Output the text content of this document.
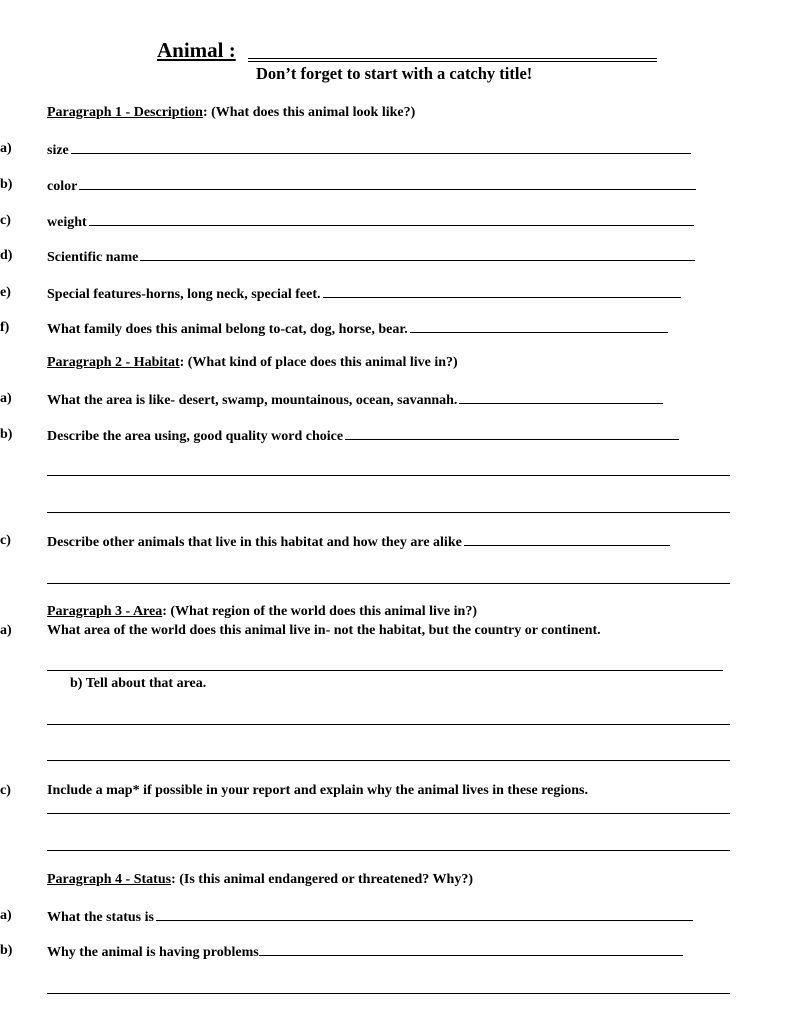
Animal :
Don’t forget to start with a catchy title!
Paragraph 1 - Description: (What does this animal look like?)
a)	size
b) color
c)	weight
d) Scientific name
e)	Special features-horns, long neck, special feet.
f)	What family does this animal belong to-cat, dog, horse, bear.
Paragraph 2 - Habitat: (What kind of place does this animal live in?)
a)	What the area is like- desert, swamp, mountainous, ocean, savannah.
b) Describe the area using, good quality word choice
c)	Describe other animals that live in this habitat and how they are alike
Paragraph 3 - Area: (What region of the world does this animal live in?)
a)	What area of the world does this animal live in- not the habitat, but the country or continent.
b) Tell about that area.
c)	Include a map* if possible in your report and explain why the animal lives in these regions.
Paragraph 4 - Status: (Is this animal endangered or threatened? Why?)
a)	What the status is
b) Why the animal is having problems
